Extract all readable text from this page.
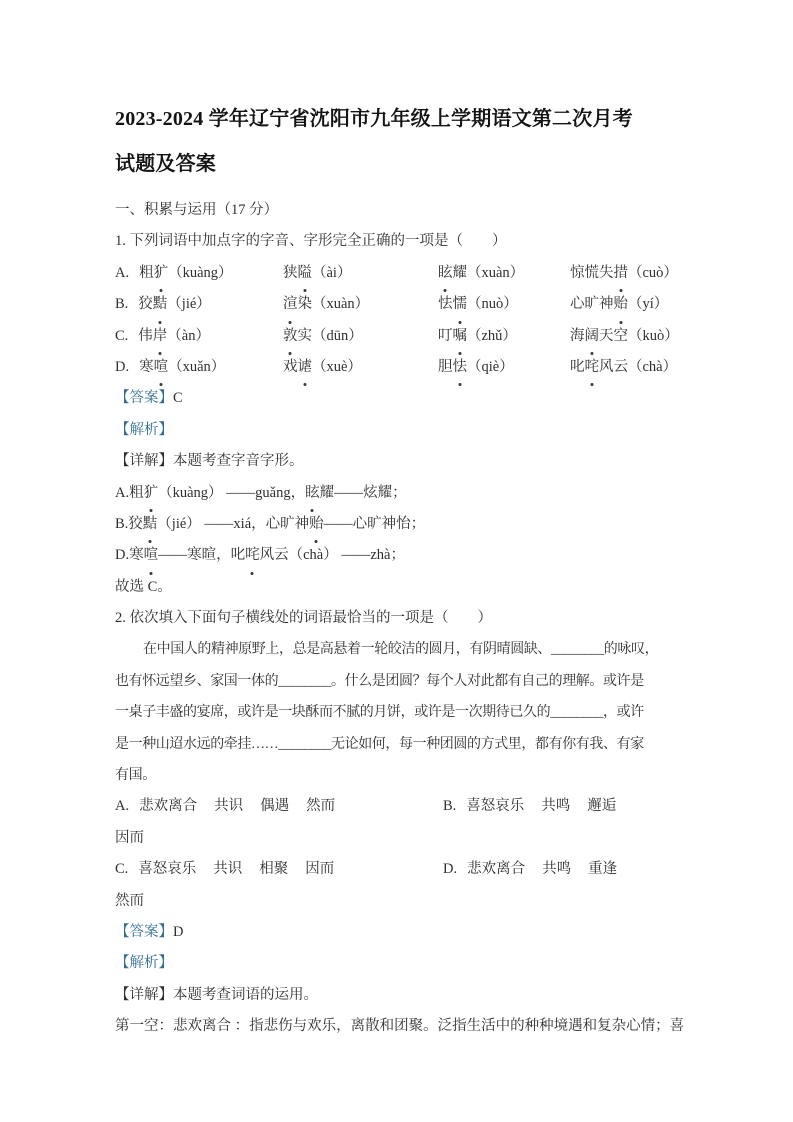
2023-2024 学年辽宁省沈阳市九年级上学期语文第二次月考
试题及答案
一、积累与运用（17 分）
1. 下列词语中加点字的字音、字形完全正确的一项是（　　）
A. 粗犷（kuàng）	狭隘（ài）	眩耀（xuàn）	惊慌失措（cuò）
B. 狡黠（jié）	渲染（xuàn）	怯懦（nuò）	心旷神贻（yí）
C. 伟岸（àn）	敦实（dūn）	叮嘱（zhǔ）	海阔天空（kuò）
D. 寒喧（xuǎn）	戏谑（xuè）	胆怯（qiè）	叱咤风云（chà）
【答案】C
【解析】
【详解】本题考查字音字形。
A.粗犷（kuàng） ——guǎng，眩耀——炫耀；
B.狡黠（jié） ——xiá，心旷神贻——心旷神怡；
D.寒喧——寒暄，叱咤风云（chà） ——zhà；
故选 C。
2. 依次填入下面句子横线处的词语最恰当的一项是（　　）
在中国人的精神原野上，总是高悬着一轮皎洁的圆月，有阴晴圆缺、________的咏叹，
也有怀远望乡、家国一体的________。什么是团圆？每个人对此都有自己的理解。或许是
一桌子丰盛的宴席，或许是一块酥而不腻的月饼，或许是一次期待已久的________，或许
是一种山迢水远的牵挂……________无论如何，每一种团圆的方式里，都有你有我、有家
有国。
A. 悲欢离合 共识 偶遇 然而	B. 喜怒哀乐 共鸣 邂逅
因而
C. 喜怒哀乐 共识 相聚 因而	D. 悲欢离合 共鸣 重逢
然而
【答案】D
【解析】
【详解】本题考查词语的运用。
第一空：悲欢离合 ：指悲伤与欢乐，离散和团聚。泛指生活中的种种境遇和复杂心情；喜
